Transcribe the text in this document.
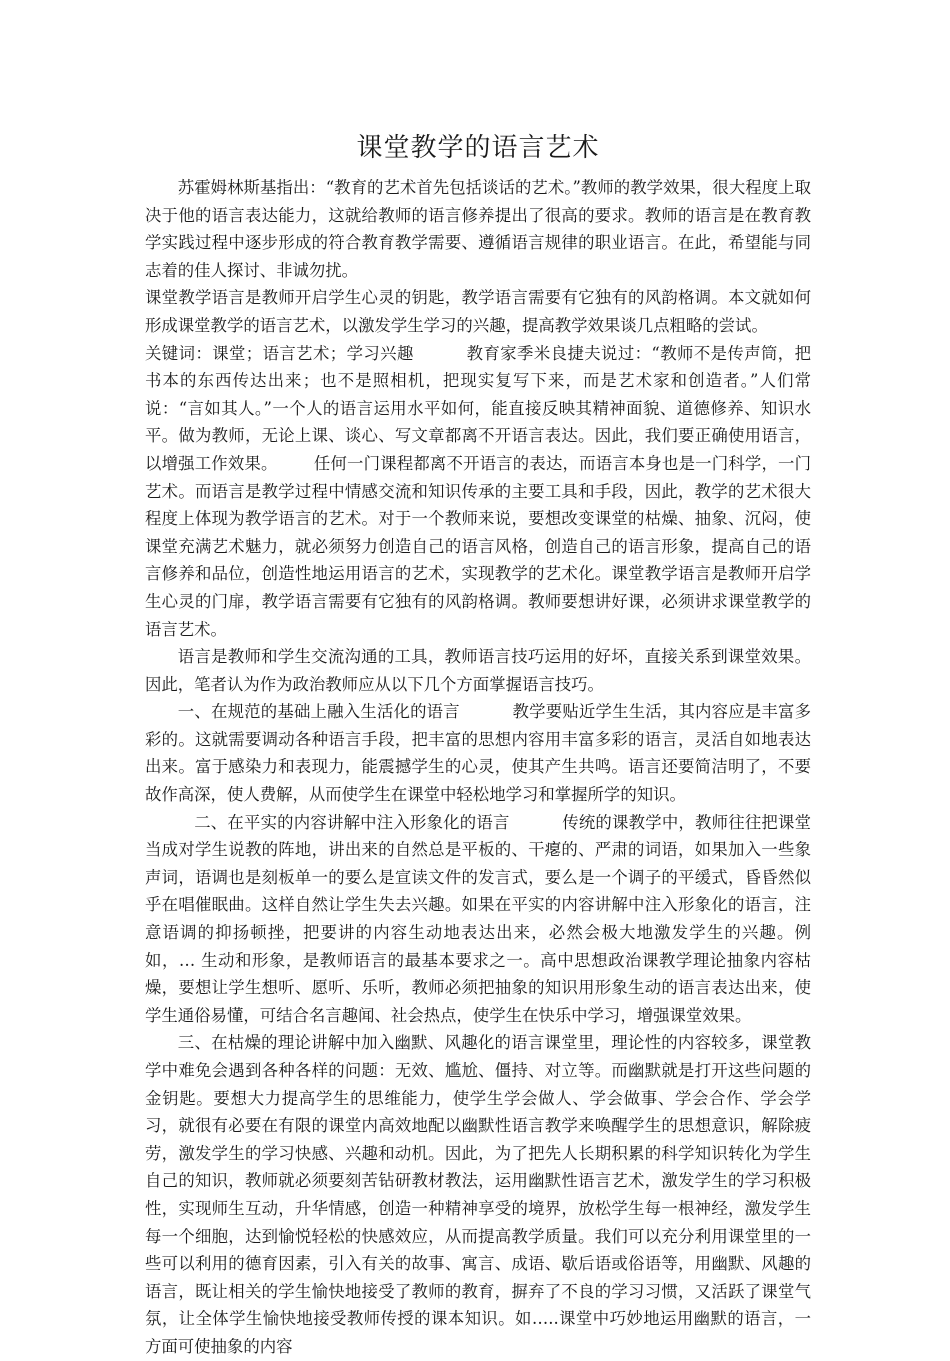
课堂教学的语言艺术

苏霍姆林斯基指出：“教育的艺术首先包括谈话的艺术。”教师的教学效果，很大程度上取决于他的语言表达能力，这就给教师的语言修养提出了很高的要求。教师的语言是在教育教学实践过程中逐步形成的符合教育教学需要、遵循语言规律的职业语言。在此，希望能与同志着的佳人探讨、非诚勿扰。

课堂教学语言是教师开启学生心灵的钥匙，教学语言需要有它独有的风韵格调。本文就如何形成课堂教学的语言艺术，以激发学生学习的兴趣，提高教学效果谈几点粗略的尝试。

关键词：课堂；语言艺术；学习兴趣	教育家季米良捷夫说过：“教师不是传声筒，把书本的东西传达出来；也不是照相机，把现实复写下来，而是艺术家和创造者。”人们常说：“言如其人。”一个人的语言运用水平如何，能直接反映其精神面貌、道德修养、知识水平。做为教师，无论上课、谈心、写文章都离不开语言表达。因此，我们要正确使用语言，以增强工作效果。 任何一门课程都离不开语言的表达，而语言本身也是一门科学，一门艺术。而语言是教学过程中情感交流和知识传承的主要工具和手段，因此，教学的艺术很大程度上体现为教学语言的艺术。对于一个教师来说，要想改变课堂的枯燥、抽象、沉闷，使课堂充满艺术魅力，就必须努力创造自己的语言风格，创造自己的语言形象，提高自己的语言修养和品位，创造性地运用语言的艺术，实现教学的艺术化。课堂教学语言是教师开启学生心灵的门扉，教学语言需要有它独有的风韵格调。教师要想讲好课，必须讲求课堂教学的语言艺术。

语言是教师和学生交流沟通的工具，教师语言技巧运用的好坏，直接关系到课堂效果。因此，笔者认为作为政治教师应从以下几个方面掌握语言技巧。

一、在规范的基础上融入生活化的语言	教学要贴近学生生活，其内容应是丰富多彩的。这就需要调动各种语言手段，把丰富的思想内容用丰富多彩的语言，灵活自如地表达出来。富于感染力和表现力，能震撼学生的心灵，使其产生共鸣。语言还要简洁明了，不要故作高深，使人费解，从而使学生在课堂中轻松地学习和掌握所学的知识。

二、在平实的内容讲解中注入形象化的语言	传统的课教学中，教师往往把课堂当成对学生说教的阵地，讲出来的自然总是平板的、干瘪的、严肃的词语，如果加入一些象声词，语调也是刻板单一的要么是宣读文件的发言式，要么是一个调子的平缓式，昏昏然似乎在唱催眠曲。这样自然让学生失去兴趣。如果在平实的内容讲解中注入形象化的语言，注意语调的抑扬顿挫，把要讲的内容生动地表达出来，必然会极大地激发学生的兴趣。例如，… 生动和形象，是教师语言的最基本要求之一。高中思想政治课教学理论抽象内容枯燥，要想让学生想听、愿听、乐听，教师必须把抽象的知识用形象生动的语言表达出来，使学生通俗易懂，可结合名言趣闻、社会热点，使学生在快乐中学习，增强课堂效果。

三、在枯燥的理论讲解中加入幽默、风趣化的语言课堂里，理论性的内容较多，课堂教学中难免会遇到各种各样的问题：无效、尴尬、僵持、对立等。而幽默就是打开这些问题的金钥匙。要想大力提高学生的思维能力，使学生学会做人、学会做事、学会合作、学会学习，就很有必要在有限的课堂内高效地配以幽默性语言教学来唤醒学生的思想意识，解除疲劳，激发学生的学习快感、兴趣和动机。因此，为了把先人长期积累的科学知识转化为学生自己的知识，教师就必须要刻苦钻研教材教法，运用幽默性语言艺术，激发学生的学习积极性，实现师生互动，升华情感，创造一种精神享受的境界，放松学生每一根神经，激发学生每一个细胞，达到愉悦轻松的快感效应，从而提高教学质量。我们可以充分利用课堂里的一些可以利用的德育因素，引入有关的故事、寓言、成语、歇后语或俗语等，用幽默、风趣的语言，既让相关的学生愉快地接受了教师的教育，摒弃了不良的学习习惯，又活跃了课堂气氛，让全体学生愉快地接受教师传授的课本知识。如…..课堂中巧妙地运用幽默的语言，一方面可使抽象的内容
